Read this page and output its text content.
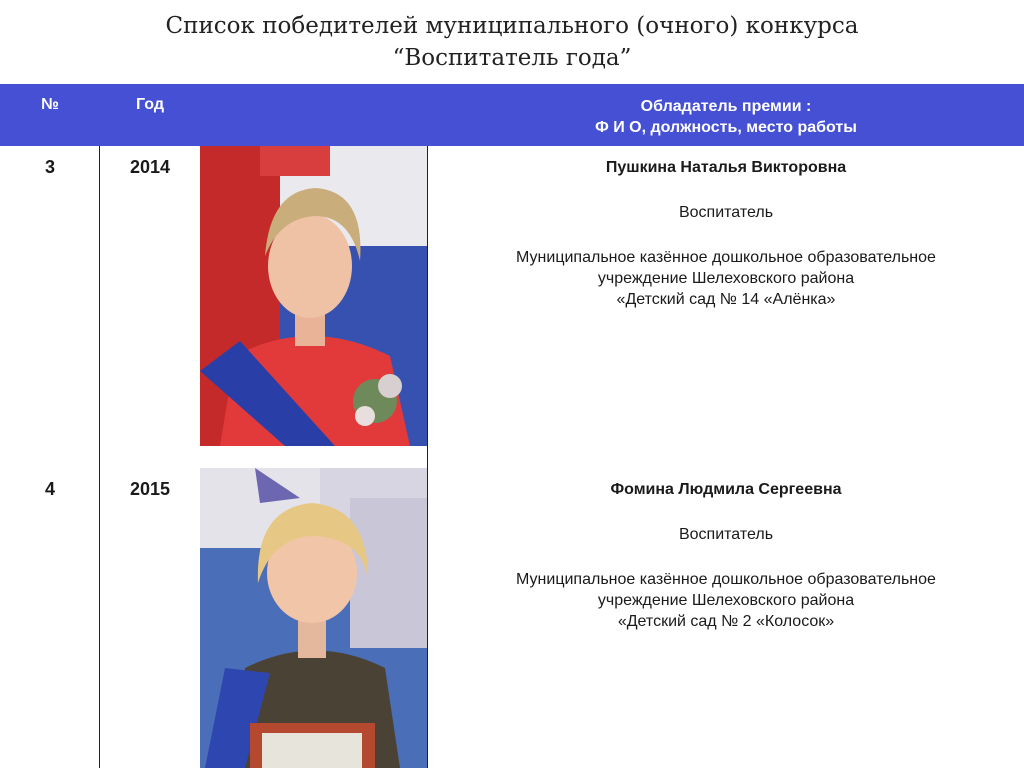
Список победителей муниципального (очного) конкурса
“Воспитатель года”
№	Год	Обладатель премии :
Ф И О, должность, место работы
3	2014	Пушкина Наталья Викторовна
Воспитатель
Муниципальное казённое дошкольное образовательное
учреждение Шелеховского района
«Детский сад № 14 «Алёнка»
4	2015	Фомина Людмила Сергеевна
Воспитатель
Муниципальное казённое дошкольное образовательное
учреждение Шелеховского района
«Детский сад № 2 «Колосок»
